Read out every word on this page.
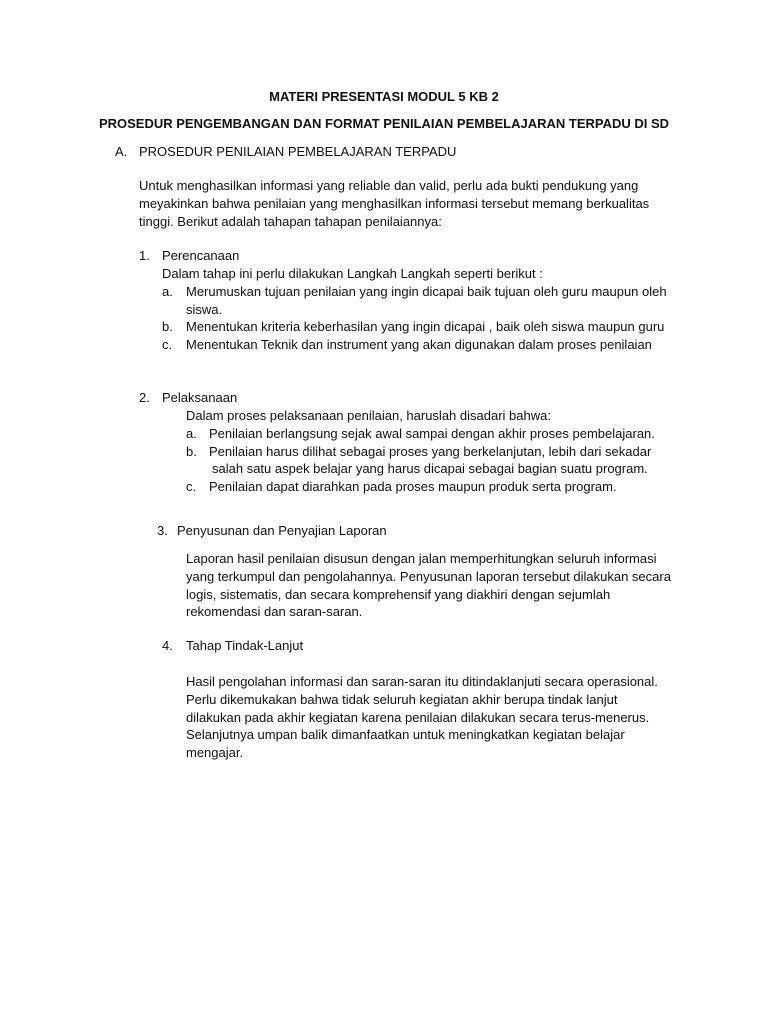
MATERI PRESENTASI MODUL 5 KB 2
PROSEDUR PENGEMBANGAN DAN FORMAT PENILAIAN PEMBELAJARAN TERPADU DI SD
A. PROSEDUR PENILAIAN PEMBELAJARAN TERPADU

Untuk menghasilkan informasi yang reliable dan valid, perlu ada bukti pendukung yang

meyakinkan bahwa penilaian yang menghasilkan informasi tersebut memang berkualitas

tinggi. Berikut adalah tahapan tahapan penilaiannya:

1. Perencanaan
Dalam tahap ini perlu dilakukan Langkah Langkah seperti berikut :
a. Merumuskan tujuan penilaian yang ingin dicapai baik tujuan oleh guru maupun oleh
siswa.
b. Menentukan kriteria keberhasilan yang ingin dicapai , baik oleh siswa maupun guru
c. Menentukan Teknik dan instrument yang akan digunakan dalam proses penilaian
2. Pelaksanaan
Dalam proses pelaksanaan penilaian, haruslah disadari bahwa:
a. Penilaian berlangsung sejak awal sampai dengan akhir proses pembelajaran.
b. Penilaian harus dilihat sebagai proses yang berkelanjutan, lebih dari sekadar
salah satu aspek belajar yang harus dicapai sebagai bagian suatu program.
c. Penilaian dapat diarahkan pada proses maupun produk serta program.
3. Penyusunan dan Penyajian Laporan

Laporan hasil penilaian disusun dengan jalan memperhitungkan seluruh informasi

yang terkumpul dan pengolahannya. Penyusunan laporan tersebut dilakukan secara

logis, sistematis, dan secara komprehensif yang diakhiri dengan sejumlah

rekomendasi dan saran-saran.

4. Tahap Tindak-Lanjut

Hasil pengolahan informasi dan saran-saran itu ditindaklanjuti secara operasional.

Perlu dikemukakan bahwa tidak seluruh kegiatan akhir berupa tindak lanjut

dilakukan pada akhir kegiatan karena penilaian dilakukan secara terus-menerus.

Selanjutnya umpan balik dimanfaatkan untuk meningkatkan kegiatan belajar

mengajar.
